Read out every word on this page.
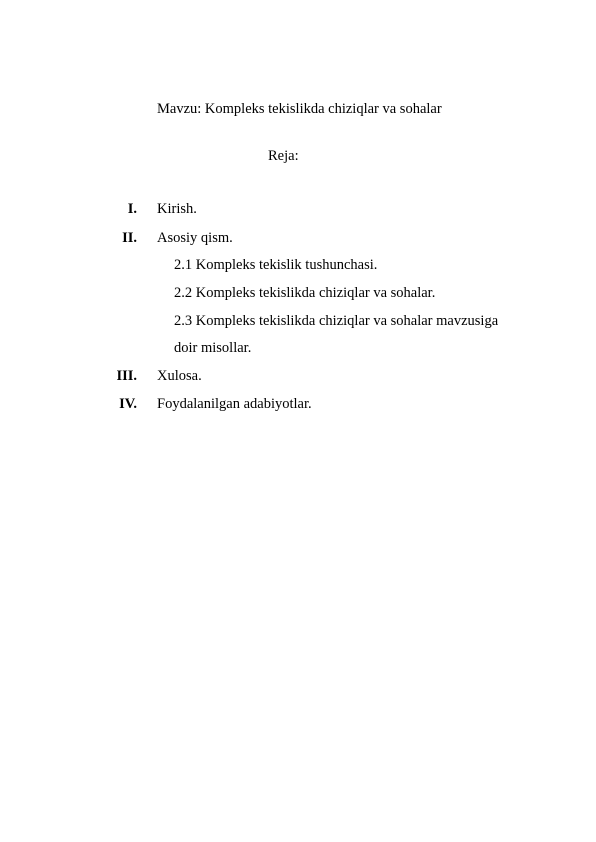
Mavzu: Kompleks tekislikda chiziqlar va sohalar
Reja:
I. Kirish.
II. Asosiy qism.
2.1 Kompleks tekislik tushunchasi.
2.2 Kompleks tekislikda chiziqlar va sohalar.
2.3 Kompleks tekislikda chiziqlar va sohalar mavzusiga
doir misollar.
III. Xulosa.
IV. Foydalanilgan adabiyotlar.
